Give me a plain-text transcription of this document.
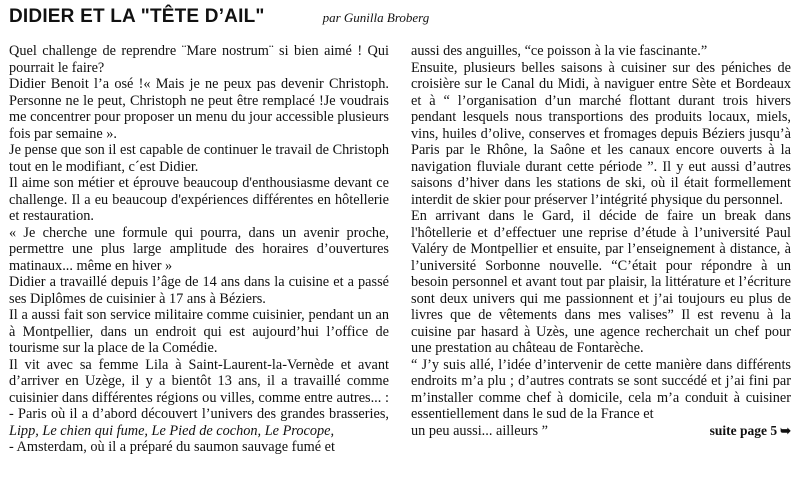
DIDIER ET LA "TÊTE D’AIL"	par Gunilla Broberg

Quel challenge de reprendre ¨Mare nostrum¨ si bien aimé ! Qui pourrait le faire?

Didier Benoit l’a osé !« Mais je ne peux pas devenir Christoph. Personne ne le peut, Christoph ne peut être remplacé !Je voudrais me concentrer pour proposer un menu du jour accessible plusieurs fois par semaine ».

Je pense que son il est capable de continuer le travail de Christoph tout en le modifiant, c´est Didier.

Il aime son métier et éprouve beaucoup d'enthousiasme devant ce challenge. Il a eu beaucoup d'expériences différentes en hôtellerie et restauration.

« Je cherche une formule qui pourra, dans un avenir proche, permettre une plus large amplitude des horaires d’ouvertures matinaux... même en hiver »

Didier a travaillé depuis l’âge de 14 ans dans la cuisine et a passé ses Diplômes de cuisinier à 17 ans à Béziers.

Il a aussi fait son service militaire comme cuisinier, pendant un an à Montpellier, dans un endroit qui est aujourd’hui l’office de tourisme sur la place de la Comédie.

Il vit avec sa femme Lila à Saint-Laurent-la-Vernède et avant d’arriver en Uzège, il y a bientôt 13 ans, il a travaillé comme cuisinier dans différentes régions ou villes, comme entre autres... : - Paris où il a d’abord découvert l’univers des grandes brasseries, Lipp, Le chien qui fume, Le Pied de cochon, Le Procope,

- Amsterdam, où il a préparé du saumon sauvage fumé et

aussi des anguilles, “ce poisson à la vie fascinante.”

Ensuite, plusieurs belles saisons à cuisiner sur des péniches de croisière sur le Canal du Midi, à naviguer entre Sète et Bordeaux et à “ l’organisation d’un marché flottant durant trois hivers pendant lesquels nous transportions des produits locaux, miels, vins, huiles d’olive, conserves et fromages depuis Béziers jusqu’à Paris par le Rhône, la Saône et les canaux encore ouverts à la navigation fluviale durant cette période ”. Il y eut aussi d’autres saisons d’hiver dans les stations de ski, où il était formellement interdit de skier pour préserver l’intégrité physique du personnel.

En arrivant dans le Gard, il décide de faire un break dans l'hôtellerie et d’effectuer une reprise d’étude à l’université Paul Valéry de Montpellier et ensuite, par l’enseignement à distance, à l’université Sorbonne nouvelle. “C’était pour répondre à un besoin personnel et avant tout par plaisir, la littérature et l’écriture sont deux univers qui me passionnent et j’ai toujours eu plus de livres que de vêtements dans mes valises” Il est revenu à la cuisine par hasard à Uzès, une agence recherchait un chef pour une prestation au château de Fontarèche.

“ J’y suis allé, l’idée d’intervenir de cette manière dans différents endroits m’a plu ; d’autres contrats se sont succédé et j’ai fini par m’installer comme chef à domicile, cela m’a conduit à cuisiner essentiellement dans le sud de la France et

un peu aussi... ailleurs ”	suite page 5 ➥
